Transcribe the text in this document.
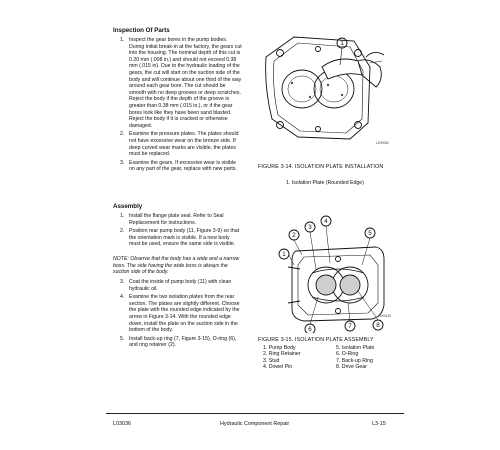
Inspection Of Parts
1. Inspect the gear bores in the pump bodies. During initial break-in at the factory, the gears cut into the housing. The nominal depth of this cut is 0.20 mm (.008 in.) and should not exceed 0.38 mm (.015 in). Due to the hydraulic loading of the gears, the cut will start on the suction side of the body and will continue about one third of the way around each gear bore. The cut should be smooth with no deep grooves or deep scratches. Reject the body if the depth of the groove is greater than 0.38 mm (.015 in.), or if the gear bores look like they have been sand blasted. Reject the body if it is cracked or otherwise damaged.
2. Examine the pressure plates. The plates should not have excessive wear on the bronze side. If deep curved wear marks are visible, the plates must be replaced.
3. Examine the gears. If excessive wear is visible on any part of the gear, replace with new parts.
Assembly
1. Install the flange plate seal. Refer to Seal Replacement for instructions.
2. Position rear pump body (11, Figure 3-9) so that the orientation mark is visible. If a new body must be used, ensure the same side is visible.
NOTE: Observe that the body has a wide and a narrow boss. The side having the wide boss is always the suction side of the body.
3. Coat the inside of pump body (11) with clean hydraulic oil.
4. Examine the two isolation plates from the rear section. The plates are slightly different. Choose the plate with the rounded edge indicated by the arrow in Figure 3-14. With the rounded edge down, install the plate on the suction side in the bottom of the body.
5. Install back-up ring (7, Figure 3-15), O-ring (6), and ring retainer (2).
1
LD90060
FIGURE 3-14. ISOLATION PLATE INSTALLATION
1. Isolation Plate (Rounded Edge)
1
2
3
4
5
6	7	8
LD90149
FIGURE 3-15. ISOLATION PLATE ASSEMBLY
1. Pump Body
2. Ring Retainer
3. Stud
4. Dowel Pin
5. Isolation Plate
6. O-Ring
7. Back-up Ring
8. Drive Gear
L03036	Hydraulic Component Repair	L3-15
